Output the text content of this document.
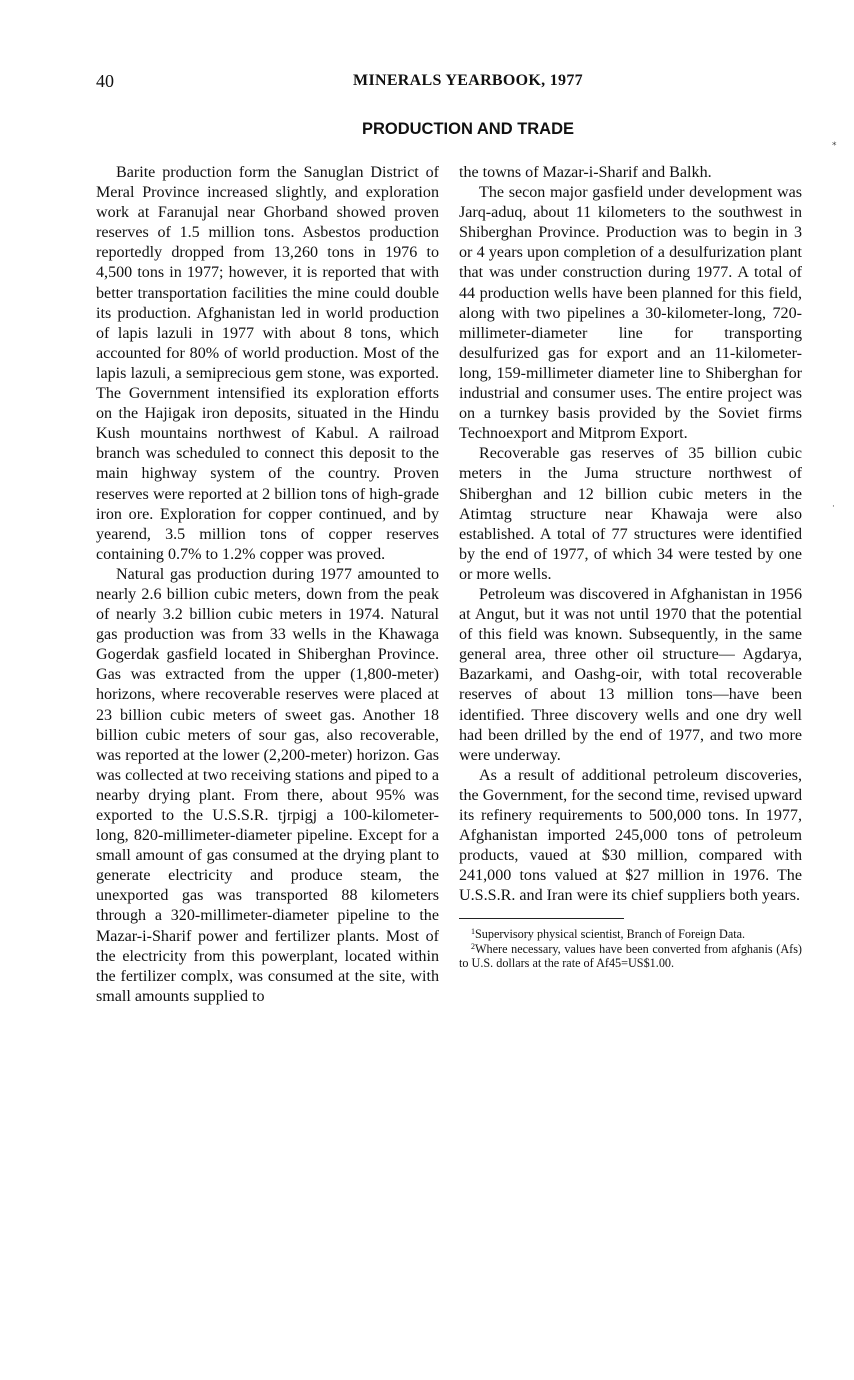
40	MINERALS YEARBOOK, 1977
PRODUCTION AND TRADE
*
·

Barite production form the Sanuglan District of Meral Province increased slightly, and exploration work at Faranujal near Ghorband showed proven reserves of 1.5 million tons. Asbestos production reportedly dropped from 13,260 tons in 1976 to 4,500 tons in 1977; however, it is reported that with better transportation facilities the mine could double its production. Afghanistan led in world production of lapis lazuli in 1977 with about 8 tons, which accounted for 80% of world production. Most of the lapis lazuli, a semiprecious gem stone, was exported. The Government intensified its exploration efforts on the Hajigak iron deposits, situated in the Hindu Kush mountains northwest of Kabul. A railroad branch was scheduled to connect this deposit to the main highway system of the country. Proven reserves were reported at 2 billion tons of high-grade iron ore. Exploration for copper continued, and by yearend, 3.5 million tons of copper reserves containing 0.7% to 1.2% copper was proved.

Natural gas production during 1977 amounted to nearly 2.6 billion cubic meters, down from the peak of nearly 3.2 billion cubic meters in 1974. Natural gas production was from 33 wells in the Khawaga Gogerdak gasfield located in Shiberghan Province. Gas was extracted from the upper (1,800-meter) horizons, where recoverable reserves were placed at 23 billion cubic meters of sweet gas. Another 18 billion cubic meters of sour gas, also recoverable, was reported at the lower (2,200-meter) horizon. Gas was collected at two receiving stations and piped to a nearby drying plant. From there, about 95% was exported to the U.S.S.R. tjrpigj a 100-kilometer-long, 820-millimeter-diameter pipeline. Except for a small amount of gas consumed at the drying plant to generate electricity and produce steam, the unexported gas was transported 88 kilometers through a 320-millimeter-diameter pipeline to the Mazar-i-Sharif power and fertilizer plants. Most of the electricity from this powerplant, located within the fertilizer complx, was consumed at the site, with small amounts supplied to

the towns of Mazar-i-Sharif and Balkh.

The secon major gasfield under development was Jarq-aduq, about 11 kilometers to the southwest in Shiberghan Province. Production was to begin in 3 or 4 years upon completion of a desulfurization plant that was under construction during 1977. A total of 44 production wells have been planned for this field, along with two pipelines a 30-kilometer-long, 720-millimeter-diameter line for transporting desulfurized gas for export and an 11-kilometer-long, 159-millimeter diameter line to Shiberghan for industrial and consumer uses. The entire project was on a turnkey basis provided by the Soviet firms Technoexport and Mitprom Export.

Recoverable gas reserves of 35 billion cubic meters in the Juma structure northwest of Shiberghan and 12 billion cubic meters in the Atimtag structure near Khawaja were also established. A total of 77 structures were identified by the end of 1977, of which 34 were tested by one or more wells.

Petroleum was discovered in Afghanistan in 1956 at Angut, but it was not until 1970 that the potential of this field was known. Subsequently, in the same general area, three other oil structure— Agdarya, Bazarkami, and Oashg-oir, with total recoverable reserves of about 13 million tons—have been identified. Three discovery wells and one dry well had been drilled by the end of 1977, and two more were underway.

As a result of additional petroleum discoveries, the Government, for the second time, revised upward its refinery requirements to 500,000 tons. In 1977, Afghanistan imported 245,000 tons of petroleum products, vaued at $30 million, compared with 241,000 tons valued at $27 million in 1976. The U.S.S.R. and Iran were its chief suppliers both years.

$^1$Supervisory physical scientist, Branch of Foreign Data.

$^2$Where necessary, values have been converted from afghanis (Afs) to U.S. dollars at the rate of Af45=US$1.00.
